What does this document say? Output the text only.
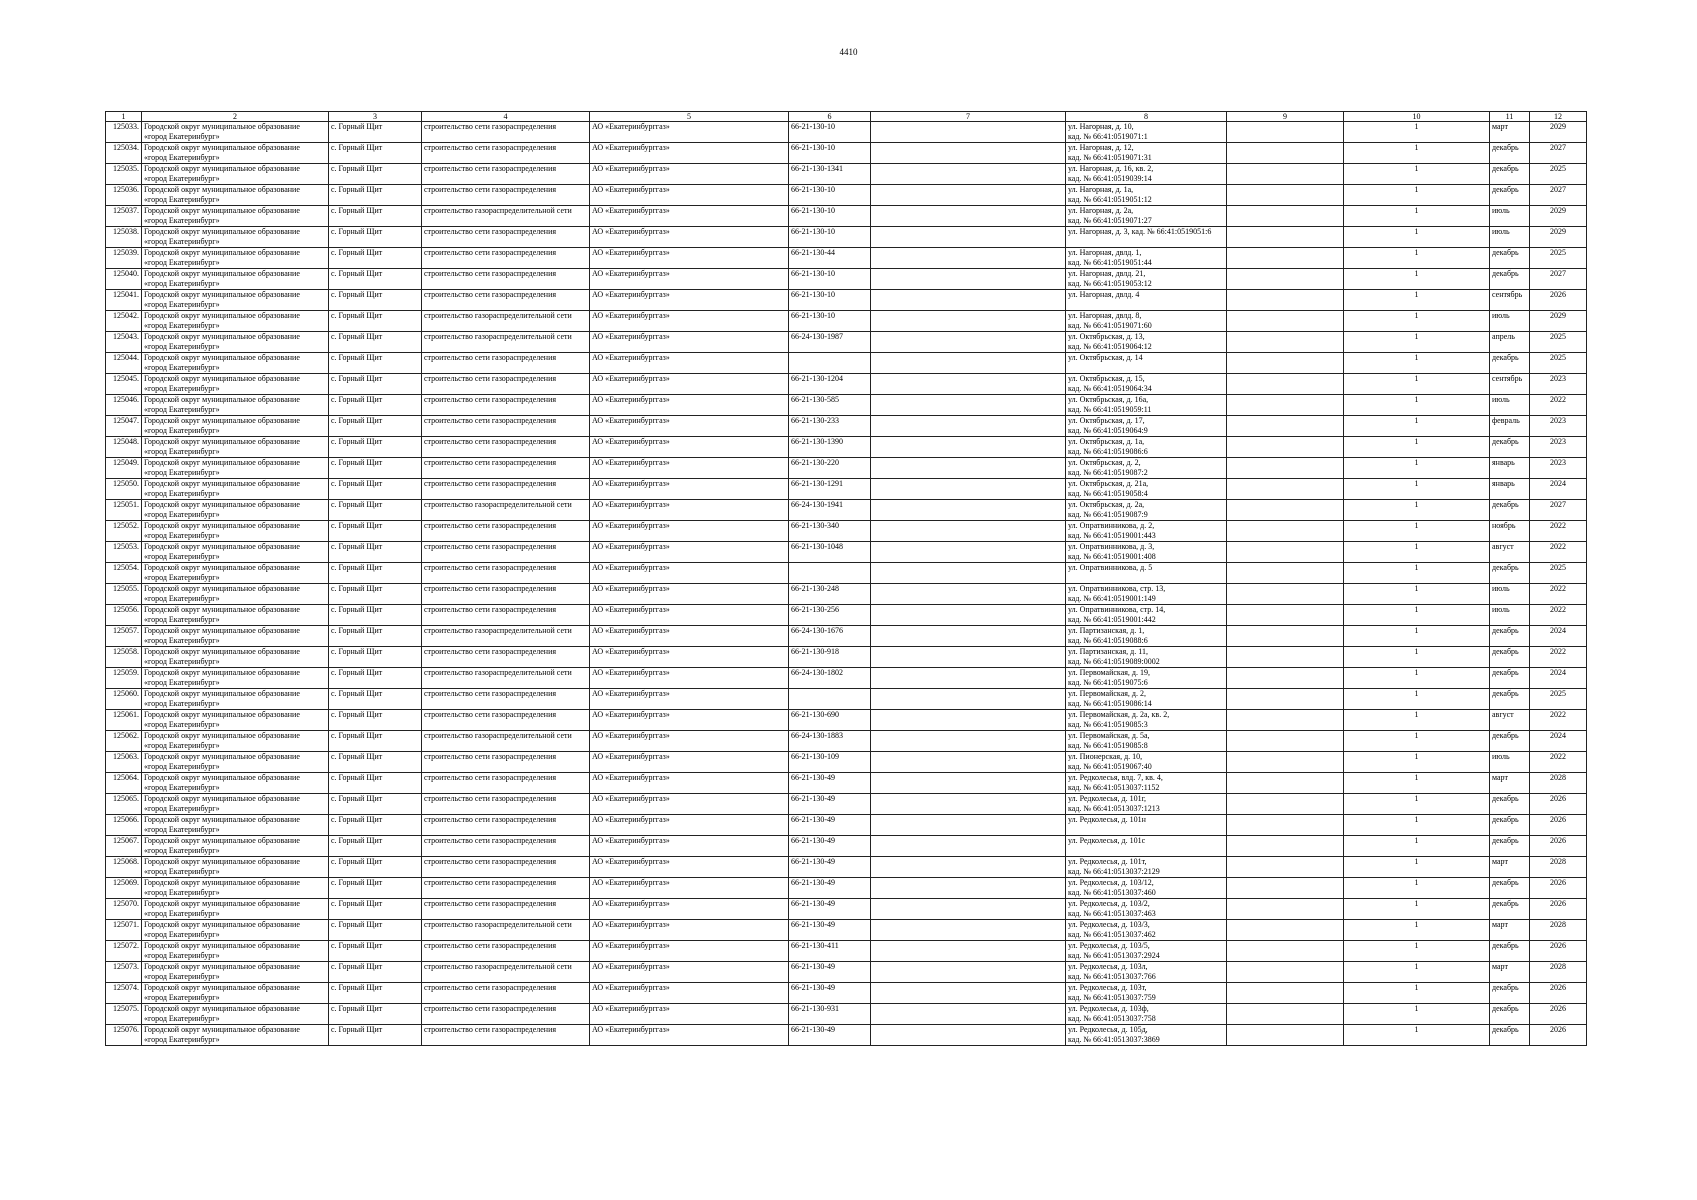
4410
1	2	3	4	5	6	7	8	9	10	11	12

125033.	Городской округ муниципальное образование
«город Екатеринбург»	с. Горный Щит	строительство сети газораспределения	АО «Екатеринбурггаз»	66-21-130-10		ул. Нагорная, д. 10,
кад. № 66:41:0519071:1		1	март	2029

125034.	Городской округ муниципальное образование
«город Екатеринбург»	с. Горный Щит	строительство сети газораспределения	АО «Екатеринбурггаз»	66-21-130-10		ул. Нагорная, д. 12,
кад. № 66:41:0519071:31		1	декабрь	2027

125035.	Городской округ муниципальное образование
«город Екатеринбург»	с. Горный Щит	строительство сети газораспределения	АО «Екатеринбурггаз»	66-21-130-1341		ул. Нагорная, д. 16, кв. 2,
кад. № 66:41:0519039:14		1	декабрь	2025

125036.	Городской округ муниципальное образование
«город Екатеринбург»	с. Горный Щит	строительство сети газораспределения	АО «Екатеринбурггаз»	66-21-130-10		ул. Нагорная, д. 1а,
кад. № 66:41:0519051:12		1	декабрь	2027

125037.	Городской округ муниципальное образование
«город Екатеринбург»	с. Горный Щит	строительство газораспределительной сети	АО «Екатеринбурггаз»	66-21-130-10		ул. Нагорная, д. 2а,
кад. № 66:41:0519071:27		1	июль	2029

125038.	Городской округ муниципальное образование
«город Екатеринбург»	с. Горный Щит	строительство сети газораспределения	АО «Екатеринбурггаз»	66-21-130-10		ул. Нагорная, д. 3, кад. № 66:41:0519051:6		1	июль	2029

125039.	Городской округ муниципальное образование
«город Екатеринбург»	с. Горный Щит	строительство сети газораспределения	АО «Екатеринбурггаз»	66-21-130-44		ул. Нагорная, двлд. 1,
кад. № 66:41:0519051:44		1	декабрь	2025

125040.	Городской округ муниципальное образование
«город Екатеринбург»	с. Горный Щит	строительство сети газораспределения	АО «Екатеринбурггаз»	66-21-130-10		ул. Нагорная, двлд. 21,
кад. № 66:41:0519053:12		1	декабрь	2027

125041.	Городской округ муниципальное образование
«город Екатеринбург»	с. Горный Щит	строительство сети газораспределения	АО «Екатеринбурггаз»	66-21-130-10		ул. Нагорная, двлд. 4		1	сентябрь	2026

125042.	Городской округ муниципальное образование
«город Екатеринбург»	с. Горный Щит	строительство газораспределительной сети	АО «Екатеринбурггаз»	66-21-130-10		ул. Нагорная, двлд. 8,
кад. № 66:41:0519071:60		1	июль	2029

125043.	Городской округ муниципальное образование
«город Екатеринбург»	с. Горный Щит	строительство газораспределительной сети	АО «Екатеринбурггаз»	66-24-130-1987		ул. Октябрьская, д. 13,
кад. № 66:41:0519064:12		1	апрель	2025

125044.	Городской округ муниципальное образование
«город Екатеринбург»	с. Горный Щит	строительство сети газораспределения	АО «Екатеринбурггаз»			ул. Октябрьская, д. 14		1	декабрь	2025

125045.	Городской округ муниципальное образование
«город Екатеринбург»	с. Горный Щит	строительство сети газораспределения	АО «Екатеринбурггаз»	66-21-130-1204		ул. Октябрьская, д. 15,
кад. № 66:41:0519064:34		1	сентябрь	2023

125046.	Городской округ муниципальное образование
«город Екатеринбург»	с. Горный Щит	строительство сети газораспределения	АО «Екатеринбурггаз»	66-21-130-585		ул. Октябрьская, д. 16а,
кад. № 66:41:0519059:11		1	июль	2022

125047.	Городской округ муниципальное образование
«город Екатеринбург»	с. Горный Щит	строительство сети газораспределения	АО «Екатеринбурггаз»	66-21-130-233		ул. Октябрьская, д. 17,
кад. № 66:41:0519064:9		1	февраль	2023

125048.	Городской округ муниципальное образование
«город Екатеринбург»	с. Горный Щит	строительство сети газораспределения	АО «Екатеринбурггаз»	66-21-130-1390		ул. Октябрьская, д. 1а,
кад. № 66:41:0519086:6		1	декабрь	2023

125049.	Городской округ муниципальное образование
«город Екатеринбург»	с. Горный Щит	строительство сети газораспределения	АО «Екатеринбурггаз»	66-21-130-220		ул. Октябрьская, д. 2,
кад. № 66:41:0519087:2		1	январь	2023

125050.	Городской округ муниципальное образование
«город Екатеринбург»	с. Горный Щит	строительство сети газораспределения	АО «Екатеринбурггаз»	66-21-130-1291		ул. Октябрьская, д. 21а,
кад. № 66:41:0519058:4		1	январь	2024

125051.	Городской округ муниципальное образование
«город Екатеринбург»	с. Горный Щит	строительство газораспределительной сети	АО «Екатеринбурггаз»	66-24-130-1941		ул. Октябрьская, д. 2а,
кад. № 66:41:0519087:9		1	декабрь	2027

125052.	Городской округ муниципальное образование
«город Екатеринбург»	с. Горный Щит	строительство сети газораспределения	АО «Екатеринбурггаз»	66-21-130-340		ул. Опратвинникова, д. 2,
кад. № 66:41:0519001:443		1	ноябрь	2022

125053.	Городской округ муниципальное образование
«город Екатеринбург»	с. Горный Щит	строительство сети газораспределения	АО «Екатеринбурггаз»	66-21-130-1048		ул. Опратвинникова, д. 3,
кад. № 66:41:0519001:408		1	август	2022

125054.	Городской округ муниципальное образование
«город Екатеринбург»	с. Горный Щит	строительство сети газораспределения	АО «Екатеринбурггаз»			ул. Опратвинникова, д. 5		1	декабрь	2025

125055.	Городской округ муниципальное образование
«город Екатеринбург»	с. Горный Щит	строительство сети газораспределения	АО «Екатеринбурггаз»	66-21-130-248		ул. Опратвинникова, стр. 13,
кад. № 66:41:0519001:149		1	июль	2022

125056.	Городской округ муниципальное образование
«город Екатеринбург»	с. Горный Щит	строительство сети газораспределения	АО «Екатеринбурггаз»	66-21-130-256		ул. Опратвинникова, стр. 14,
кад. № 66:41:0519001:442		1	июль	2022

125057.	Городской округ муниципальное образование
«город Екатеринбург»	с. Горный Щит	строительство газораспределительной сети	АО «Екатеринбурггаз»	66-24-130-1676		ул. Партизанская, д. 1,
кад. № 66:41:0519088:6		1	декабрь	2024

125058.	Городской округ муниципальное образование
«город Екатеринбург»	с. Горный Щит	строительство сети газораспределения	АО «Екатеринбурггаз»	66-21-130-918		ул. Партизанская, д. 11,
кад. № 66:41:0519089:0002		1	декабрь	2022

125059.	Городской округ муниципальное образование
«город Екатеринбург»	с. Горный Щит	строительство газораспределительной сети	АО «Екатеринбурггаз»	66-24-130-1802		ул. Первомайская, д. 19,
кад. № 66:41:0519075:6		1	декабрь	2024

125060.	Городской округ муниципальное образование
«город Екатеринбург»	с. Горный Щит	строительство сети газораспределения	АО «Екатеринбурггаз»			ул. Первомайская, д. 2,
кад. № 66:41:0519086:14		1	декабрь	2025

125061.	Городской округ муниципальное образование
«город Екатеринбург»	с. Горный Щит	строительство сети газораспределения	АО «Екатеринбурггаз»	66-21-130-690		ул. Первомайская, д. 2а, кв. 2,
кад. № 66:41:0519085:3		1	август	2022

125062.	Городской округ муниципальное образование
«город Екатеринбург»	с. Горный Щит	строительство газораспределительной сети	АО «Екатеринбурггаз»	66-24-130-1883		ул. Первомайская, д. 5а,
кад. № 66:41:0519085:8		1	декабрь	2024

125063.	Городской округ муниципальное образование
«город Екатеринбург»	с. Горный Щит	строительство сети газораспределения	АО «Екатеринбурггаз»	66-21-130-109		ул. Пионерская, д. 10,
кад. № 66:41:0519067:40		1	июль	2022

125064.	Городской округ муниципальное образование
«город Екатеринбург»	с. Горный Щит	строительство сети газораспределения	АО «Екатеринбурггаз»	66-21-130-49		ул. Редколесья, влд. 7, кв. 4,
кад. № 66:41:0513037:1152		1	март	2028

125065.	Городской округ муниципальное образование
«город Екатеринбург»	с. Горный Щит	строительство сети газораспределения	АО «Екатеринбурггаз»	66-21-130-49		ул. Редколесья, д. 101г,
кад. № 66:41:0513037:1213		1	декабрь	2026

125066.	Городской округ муниципальное образование
«город Екатеринбург»	с. Горный Щит	строительство сети газораспределения	АО «Екатеринбурггаз»	66-21-130-49		ул. Редколесья, д. 101н		1	декабрь	2026

125067.	Городской округ муниципальное образование
«город Екатеринбург»	с. Горный Щит	строительство сети газораспределения	АО «Екатеринбурггаз»	66-21-130-49		ул. Редколесья, д. 101с		1	декабрь	2026

125068.	Городской округ муниципальное образование
«город Екатеринбург»	с. Горный Щит	строительство сети газораспределения	АО «Екатеринбурггаз»	66-21-130-49		ул. Редколесья, д. 101т,
кад. № 66:41:0513037:2129		1	март	2028

125069.	Городской округ муниципальное образование
«город Екатеринбург»	с. Горный Щит	строительство сети газораспределения	АО «Екатеринбурггаз»	66-21-130-49		ул. Редколесья, д. 103/12,
кад. № 66:41:0513037:460		1	декабрь	2026

125070.	Городской округ муниципальное образование
«город Екатеринбург»	с. Горный Щит	строительство сети газораспределения	АО «Екатеринбурггаз»	66-21-130-49		ул. Редколесья, д. 103/2,
кад. № 66:41:0513037:463		1	декабрь	2026

125071.	Городской округ муниципальное образование
«город Екатеринбург»	с. Горный Щит	строительство газораспределительной сети	АО «Екатеринбурггаз»	66-21-130-49		ул. Редколесья, д. 103/3,
кад. № 66:41:0513037:462		1	март	2028

125072.	Городской округ муниципальное образование
«город Екатеринбург»	с. Горный Щит	строительство сети газораспределения	АО «Екатеринбурггаз»	66-21-130-411		ул. Редколесья, д. 103/5,
кад. № 66:41:0513037:2924		1	декабрь	2026

125073.	Городской округ муниципальное образование
«город Екатеринбург»	с. Горный Щит	строительство газораспределительной сети	АО «Екатеринбурггаз»	66-21-130-49		ул. Редколесья, д. 103л,
кад. № 66:41:0513037:766		1	март	2028

125074.	Городской округ муниципальное образование
«город Екатеринбург»	с. Горный Щит	строительство сети газораспределения	АО «Екатеринбурггаз»	66-21-130-49		ул. Редколесья, д. 103т,
кад. № 66:41:0513037:759		1	декабрь	2026

125075.	Городской округ муниципальное образование
«город Екатеринбург»	с. Горный Щит	строительство сети газораспределения	АО «Екатеринбурггаз»	66-21-130-931		ул. Редколесья, д. 103ф,
кад. № 66:41:0513037:758		1	декабрь	2026

125076.	Городской округ муниципальное образование
«город Екатеринбург»	с. Горный Щит	строительство сети газораспределения	АО «Екатеринбурггаз»	66-21-130-49		ул. Редколесья, д. 105д,
кад. № 66:41:0513037:3869		1	декабрь	2026
